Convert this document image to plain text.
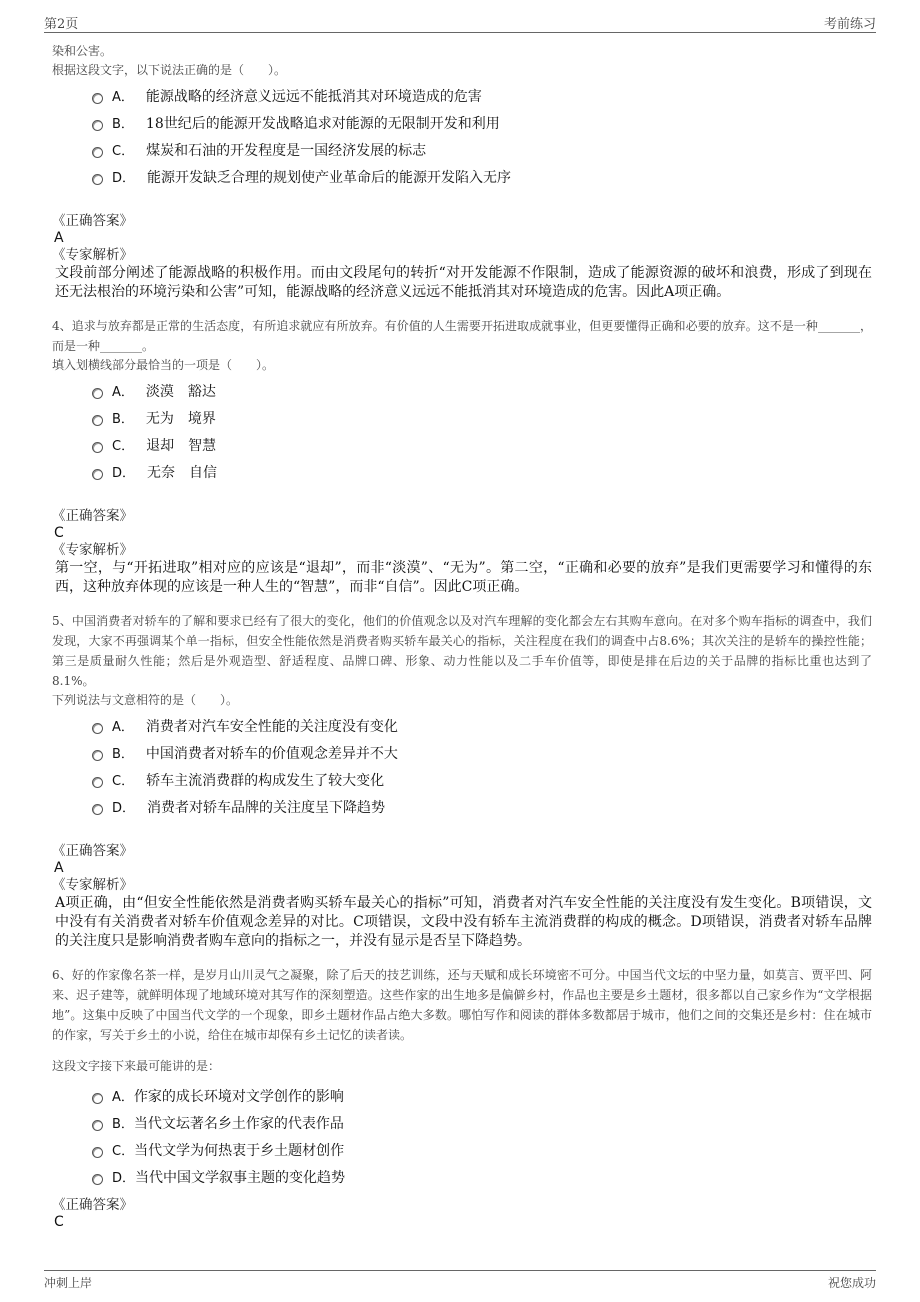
第2页	考前练习
染和公害。
根据这段文字，以下说法正确的是（　　）。
A． 能源战略的经济意义远远不能抵消其对环境造成的危害
B． 18世纪后的能源开发战略追求对能源的无限制开发和利用
C． 煤炭和石油的开发程度是一国经济发展的标志
D． 能源开发缺乏合理的规划使产业革命后的能源开发陷入无序
《正确答案》
A
《专家解析》
文段前部分阐述了能源战略的积极作用。而由文段尾句的转折“对开发能源不作限制，造成了能源资源的破坏和浪费，形成了到现在还无法根治的环境污染和公害”可知，能源战略的经济意义远远不能抵消其对环境造成的危害。因此A项正确。
4、追求与放弃都是正常的生活态度，有所追求就应有所放弃。有价值的人生需要开拓进取成就事业，但更要懂得正确和必要的放弃。这不是一种_______，而是一种_______。
填入划横线部分最恰当的一项是（　　）。
A． 淡漠 豁达
B． 无为 境界
C． 退却 智慧
D． 无奈 自信
《正确答案》
C
《专家解析》
第一空，与“开拓进取”相对应的应该是“退却”，而非“淡漠”、“无为”。第二空，“正确和必要的放弃”是我们更需要学习和懂得的东西，这种放弃体现的应该是一种人生的“智慧”，而非“自信”。因此C项正确。
5、中国消费者对轿车的了解和要求已经有了很大的变化，他们的价值观念以及对汽车理解的变化都会左右其购车意向。在对多个购车指标的调查中，我们发现，大家不再强调某个单一指标，但安全性能依然是消费者购买轿车最关心的指标，关注程度在我们的调查中占8.6%；其次关注的是轿车的操控性能；第三是质量耐久性能；然后是外观造型、舒适程度、品牌口碑、形象、动力性能以及二手车价值等，即使是排在后边的关于品牌的指标比重也达到了8.1%。
下列说法与文意相符的是（　　）。
A． 消费者对汽车安全性能的关注度没有变化
B． 中国消费者对轿车的价值观念差异并不大
C． 轿车主流消费群的构成发生了较大变化
D． 消费者对轿车品牌的关注度呈下降趋势
《正确答案》
A
《专家解析》
A项正确，由“但安全性能依然是消费者购买轿车最关心的指标”可知，消费者对汽车安全性能的关注度没有发生变化。B项错误，文中没有有关消费者对轿车价值观念差异的对比。C项错误，文段中没有轿车主流消费群的构成的概念。D项错误，消费者对轿车品牌的关注度只是影响消费者购车意向的指标之一，并没有显示是否呈下降趋势。
6、好的作家像名茶一样，是岁月山川灵气之凝聚，除了后天的技艺训练，还与天赋和成长环境密不可分。中国当代文坛的中坚力量，如莫言、贾平凹、阿来、迟子建等，就鲜明体现了地域环境对其写作的深刻塑造。这些作家的出生地多是偏僻乡村，作品也主要是乡土题材，很多都以自己家乡作为“文学根据地”。这集中反映了中国当代文学的一个现象，即乡土题材作品占绝大多数。哪怕写作和阅读的群体多数都居于城市，他们之间的交集还是乡村：住在城市的作家，写关于乡土的小说，给住在城市却保有乡土记忆的读者读。
这段文字接下来最可能讲的是：
A． 作家的成长环境对文学创作的影响
B． 当代文坛著名乡土作家的代表作品
C． 当代文学为何热衷于乡土题材创作
D． 当代中国文学叙事主题的变化趋势
《正确答案》
C
冲刺上岸	祝您成功
